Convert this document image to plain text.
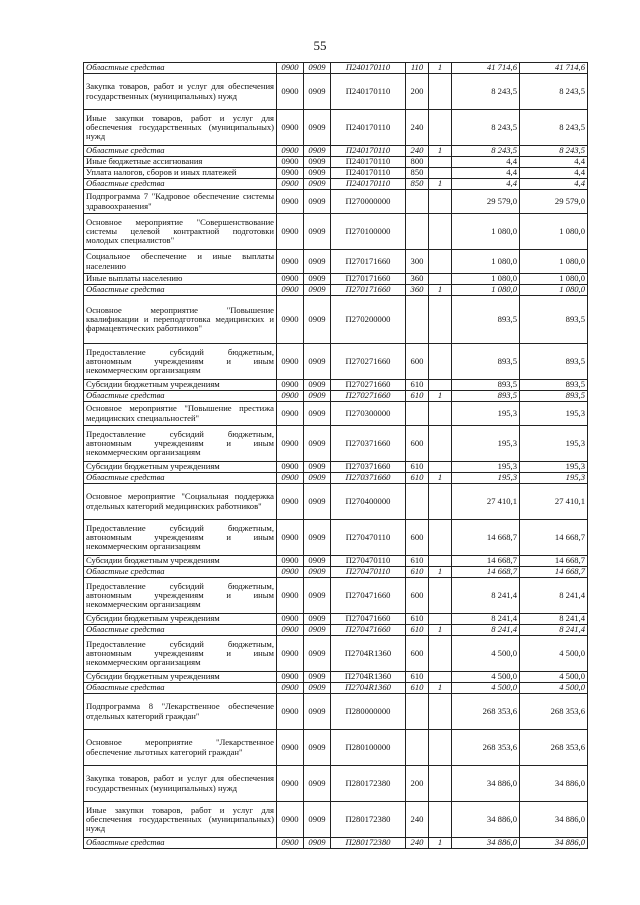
55
Областные средства	0900	0909	П240170110	110	1	41 714,6	41 714,6

Закупка товаров, работ и услуг для обеспечения государственных (муниципальных) нужд	0900	0909	П240170110	200		8 243,5	8 243,5

Иные закупки товаров, работ и услуг для обеспечения государственных (муниципальных) нужд	0900	0909	П240170110	240		8 243,5	8 243,5
Областные средства	0900	0909	П240170110	240	1	8 243,5	8 243,5

Иные бюджетные ассигнования	0900	0909	П240170110	800		4,4	4,4

Уплата налогов, сборов и иных платежей	0900	0909	П240170110	850		4,4	4,4
Областные средства	0900	0909	П240170110	850	1	4,4	4,4

Подпрограмма 7 "Кадровое обеспечение системы здравоохранения"	0900	0909	П270000000			29 579,0	29 579,0

Основное мероприятие "Совершенствование системы целевой контрактной подготовки молодых специалистов"	0900	0909	П270100000			1 080,0	1 080,0

Социальное обеспечение и иные выплаты населению	0900	0909	П270171660	300		1 080,0	1 080,0

Иные выплаты населению	0900	0909	П270171660	360		1 080,0	1 080,0
Областные средства	0900	0909	П270171660	360	1	1 080,0	1 080,0

Основное мероприятие "Повышение квалификации и переподготовка медицинских и фармацевтических работников"	0900	0909	П270200000			893,5	893,5

Предоставление субсидий бюджетным, автономным учреждениям и иным некоммерческим организациям	0900	0909	П270271660	600		893,5	893,5

Субсидии бюджетным учреждениям	0900	0909	П270271660	610		893,5	893,5
Областные средства	0900	0909	П270271660	610	1	893,5	893,5

Основное мероприятие "Повышение престижа медицинских специальностей"	0900	0909	П270300000			195,3	195,3

Предоставление субсидий бюджетным, автономным учреждениям и иным некоммерческим организациям	0900	0909	П270371660	600		195,3	195,3

Субсидии бюджетным учреждениям	0900	0909	П270371660	610		195,3	195,3
Областные средства	0900	0909	П270371660	610	1	195,3	195,3

Основное мероприятие "Социальная поддержка отдельных категорий медицинских работников"	0900	0909	П270400000			27 410,1	27 410,1

Предоставление субсидий бюджетным, автономным учреждениям и иным некоммерческим организациям	0900	0909	П270470110	600		14 668,7	14 668,7

Субсидии бюджетным учреждениям	0900	0909	П270470110	610		14 668,7	14 668,7
Областные средства	0900	0909	П270470110	610	1	14 668,7	14 668,7

Предоставление субсидий бюджетным, автономным учреждениям и иным некоммерческим организациям	0900	0909	П270471660	600		8 241,4	8 241,4

Субсидии бюджетным учреждениям	0900	0909	П270471660	610		8 241,4	8 241,4
Областные средства	0900	0909	П270471660	610	1	8 241,4	8 241,4

Предоставление субсидий бюджетным, автономным учреждениям и иным некоммерческим организациям	0900	0909	П2704R1360	600		4 500,0	4 500,0

Субсидии бюджетным учреждениям	0900	0909	П2704R1360	610		4 500,0	4 500,0
Областные средства	0900	0909	П2704R1360	610	1	4 500,0	4 500,0

Подпрограмма 8 "Лекарственное обеспечение отдельных категорий граждан"	0900	0909	П280000000			268 353,6	268 353,6

Основное мероприятие "Лекарственное обеспечение льготных категорий граждан"	0900	0909	П280100000			268 353,6	268 353,6

Закупка товаров, работ и услуг для обеспечения государственных (муниципальных) нужд	0900	0909	П280172380	200		34 886,0	34 886,0

Иные закупки товаров, работ и услуг для обеспечения государственных (муниципальных) нужд	0900	0909	П280172380	240		34 886,0	34 886,0
Областные средства	0900	0909	П280172380	240	1	34 886,0	34 886,0
